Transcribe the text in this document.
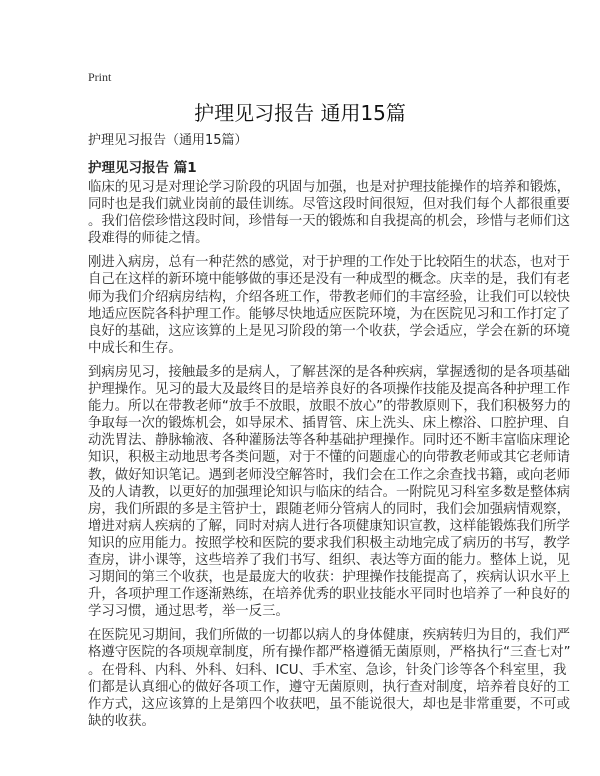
Print
护理见习报告 通用15篇
护理见习报告（通用15篇）
护理见习报告 篇1

临床的见习是对理论学习阶段的巩固与加强，也是对护理技能操作的培养和锻炼，
同时也是我们就业岗前的最佳训练。尽管这段时间很短，但对我们每个人都很重要
。我们倍偿珍惜这段时间，珍惜每一天的锻炼和自我提高的机会，珍惜与老师们这
段难得的师徒之情。

刚进入病房，总有一种茫然的感觉，对于护理的工作处于比较陌生的状态，也对于
自己在这样的新环境中能够做的事还是没有一种成型的概念。庆幸的是，我们有老
师为我们介绍病房结构，介绍各班工作，带教老师们的丰富经验，让我们可以较快
地适应医院各科护理工作。能够尽快地适应医院环境，为在医院见习和工作打定了
良好的基础，这应该算的上是见习阶段的第一个收获，学会适应，学会在新的环境
中成长和生存。

到病房见习，接触最多的是病人，了解甚深的是各种疾病，掌握透彻的是各项基础
护理操作。见习的最大及最终目的是培养良好的各项操作技能及提高各种护理工作
能力。所以在带教老师“放手不放眼，放眼不放心”的带教原则下，我们积极努力的
争取每一次的锻炼机会，如导尿术、插胃管、床上洗头、床上檫浴、口腔护理、自
动洗胃法、静脉输液、各种灌肠法等各种基础护理操作。同时还不断丰富临床理论
知识，积极主动地思考各类问题，对于不懂的问题虚心的向带教老师或其它老师请
教，做好知识笔记。遇到老师没空解答时，我们会在工作之余查找书籍，或向老师
及的人请教，以更好的加强理论知识与临床的结合。一附院见习科室多数是整体病
房，我们所跟的多是主管护士，跟随老师分管病人的同时，我们会加强病情观察，
增进对病人疾病的了解，同时对病人进行各项健康知识宣教，这样能锻炼我们所学
知识的应用能力。按照学校和医院的要求我们积极主动地完成了病历的书写，教学
查房，讲小课等，这些培养了我们书写、组织、表达等方面的能力。整体上说，见
习期间的第三个收获，也是最庞大的收获：护理操作技能提高了，疾病认识水平上
升，各项护理工作逐渐熟练，在培养优秀的职业技能水平同时也培养了一种良好的
学习习惯，通过思考，举一反三。

在医院见习期间，我们所做的一切都以病人的身体健康，疾病转归为目的，我们严
格遵守医院的各项规章制度，所有操作都严格遵循无菌原则，严格执行“三查七对”
。在骨科、内科、外科、妇科、ICU、手术室、急诊，针灸门诊等各个科室里，我
们都是认真细心的做好各项工作，遵守无菌原则，执行查对制度，培养着良好的工
作方式，这应该算的上是第四个收获吧，虽不能说很大，却也是非常重要，不可或
缺的收获。
